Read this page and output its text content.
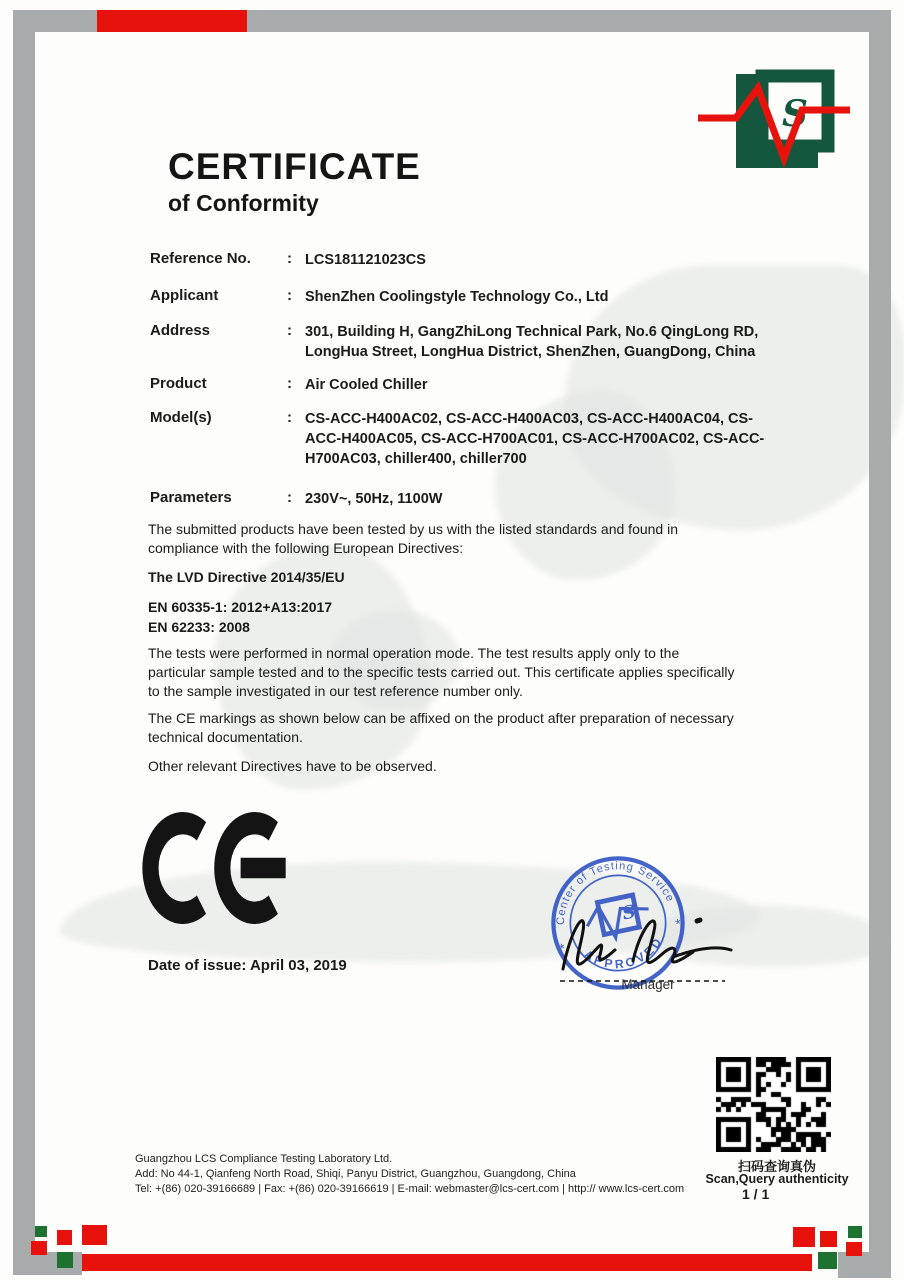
S
CERTIFICATE
of Conformity
Reference No.	: LCS181121023CS
Applicant	: ShenZhen Coolingstyle Technology Co., Ltd
Address	: 301, Building H, GangZhiLong Technical Park, No.6 QingLong RD, LongHua Street, LongHua District, ShenZhen, GuangDong, China
Product	: Air Cooled Chiller
Model(s)	: CS-ACC-H400AC02, CS-ACC-H400AC03, CS-ACC-H400AC04, CS-ACC-H400AC05, CS-ACC-H700AC01, CS-ACC-H700AC02, CS-ACC-H700AC03, chiller400, chiller700
Parameters	: 230V~, 50Hz, 1100W
The submitted products have been tested by us with the listed standards and found in compliance with the following European Directives:
The LVD Directive 2014/35/EU
EN 60335-1: 2012+A13:2017
EN 62233: 2008
The tests were performed in normal operation mode. The test results apply only to the particular sample tested and to the specific tests carried out. This certificate applies specifically to the sample investigated in our test reference number only.
The CE markings as shown below can be affixed on the product after preparation of necessary technical documentation.
Other relevant Directives have to be observed.
Date of issue: April 03, 2019
Center of Testing Service
APPROVED
*
*
S
Manager
扫码查询真伪
Scan,Query authenticity
Guangzhou LCS Compliance Testing Laboratory Ltd.
Add: No 44-1, Qianfeng North Road, Shiqi, Panyu District, Guangzhou, Guangdong, China
Tel: +(86) 020-39166689 | Fax: +(86) 020-39166619 | E-mail: webmaster@lcs-cert.com | http:// www.lcs-cert.com	1 / 1
